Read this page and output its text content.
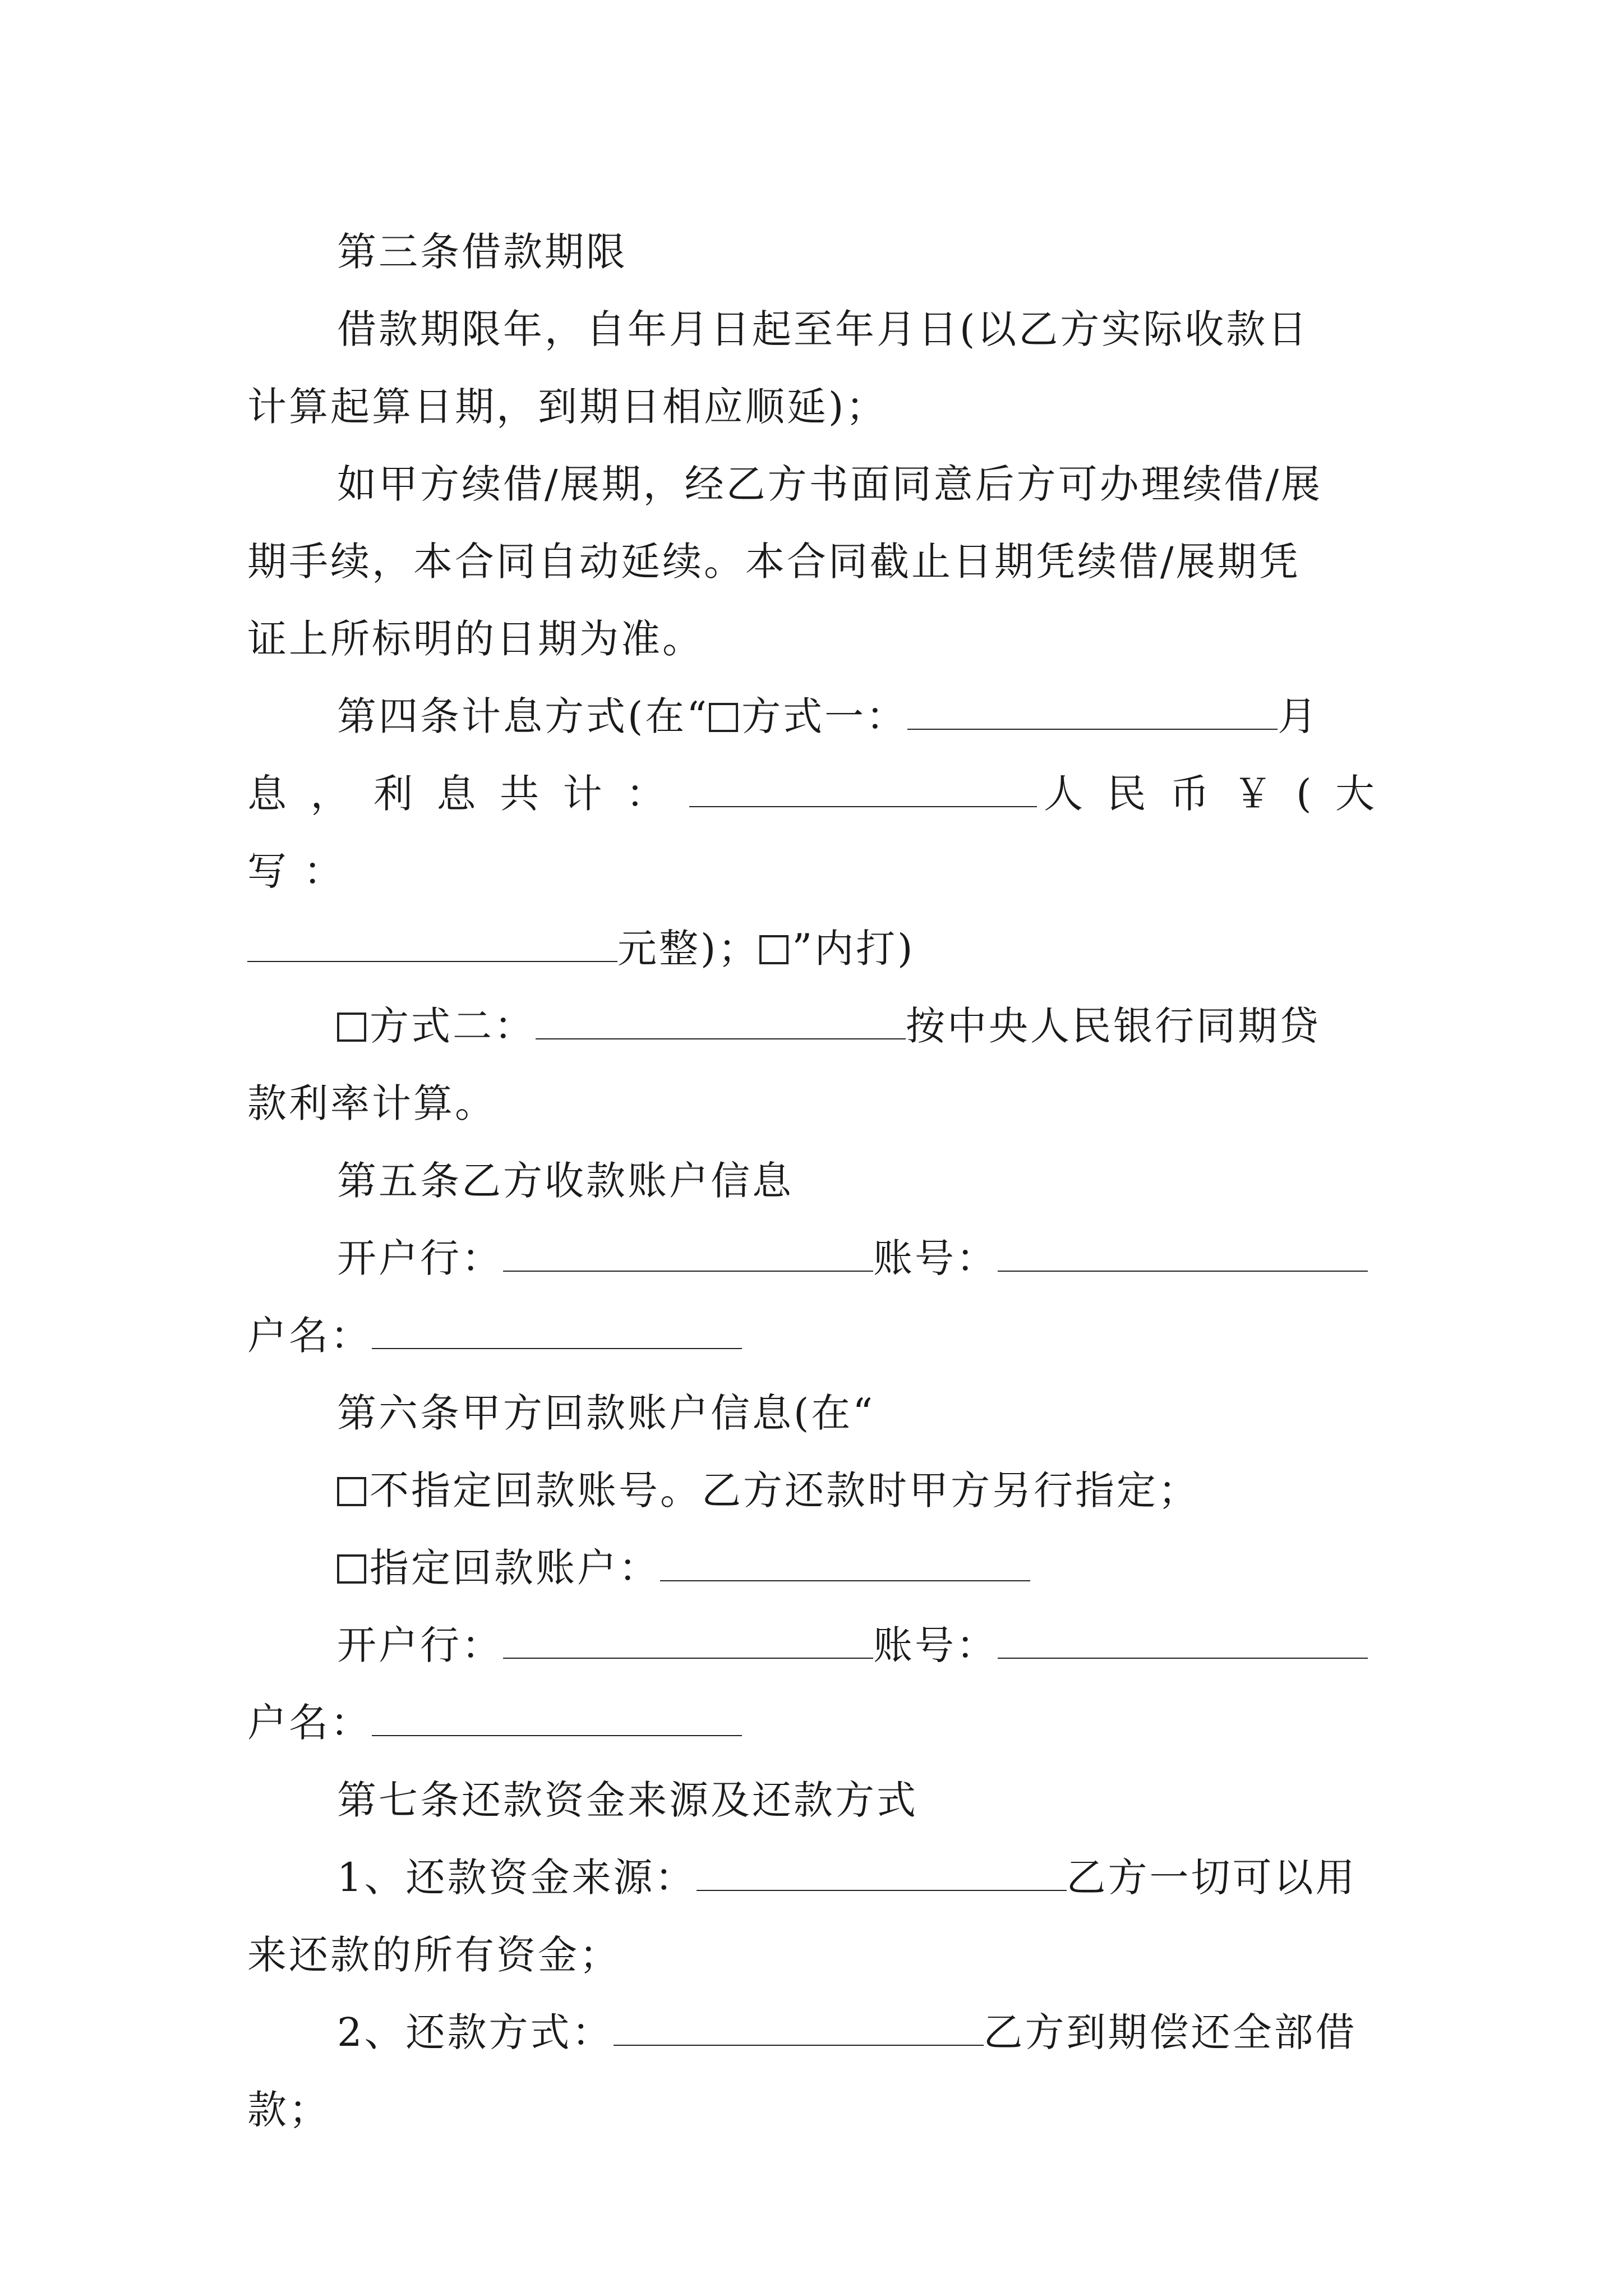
第三条借款期限

借款期限年，自年月日起至年月日(以乙方实际收款日

计算起算日期，到期日相应顺延)；

如甲方续借/展期，经乙方书面同意后方可办理续借/展

期手续，本合同自动延续。本合同截止日期凭续借/展期凭

证上所标明的日期为准。

第四条计息方式(在“ 方式一：	月

息，利息共计：	人民币￥(大写：

元整)； ”内打)

方式二：	按中央人民银行同期贷

款利率计算。

第五条乙方收款账户信息

开户行：	账号：

户名：

第六条甲方回款账户信息(在“

不指定回款账号。乙方还款时甲方另行指定；

指定回款账户：

开户行：	账号：

户名：

第七条还款资金来源及还款方式

1、还款资金来源：	乙方一切可以用

来还款的所有资金；

2、还款方式：	乙方到期偿还全部借

款；
